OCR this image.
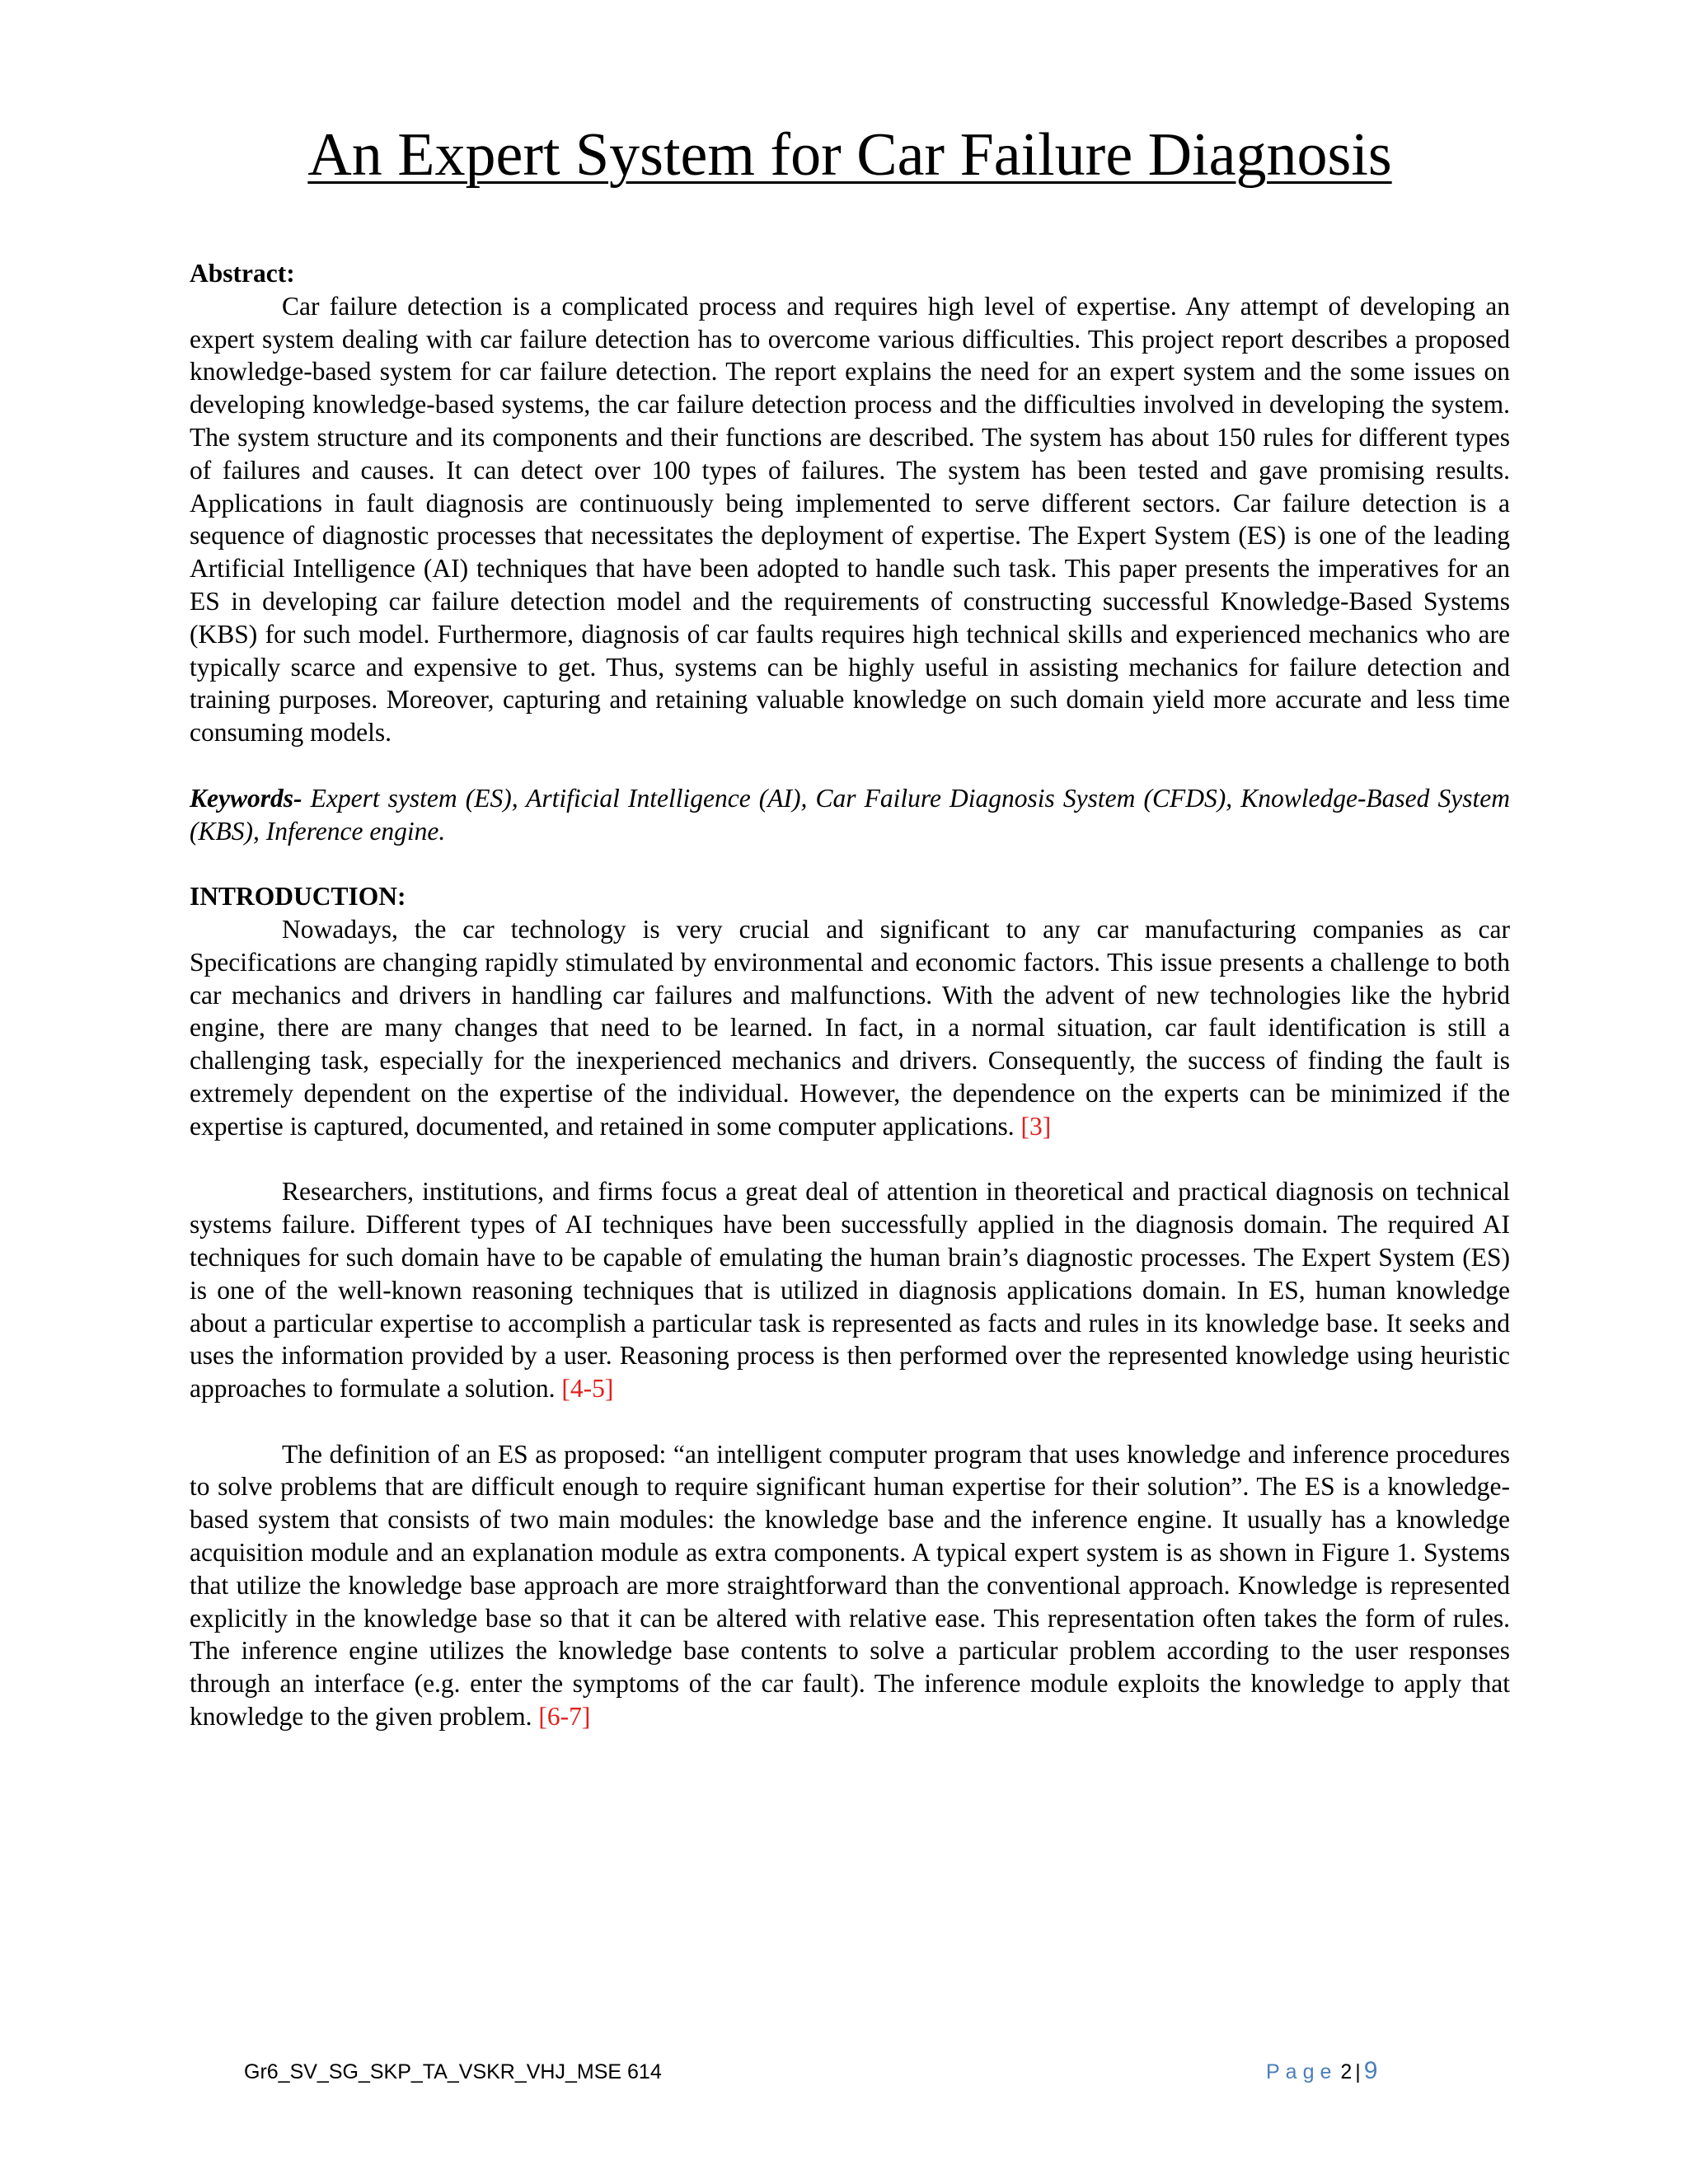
An Expert System for Car Failure Diagnosis

Abstract:

Car failure detection is a complicated process and requires high level of expertise. Any attempt of developing an expert system dealing with car failure detection has to overcome various difficulties. This project report describes a proposed knowledge-based system for car failure detection. The report explains the need for an expert system and the some issues on developing knowledge-based systems, the car failure detection process and the difficulties involved in developing the system. The system structure and its components and their functions are described. The system has about 150 rules for different types of failures and causes. It can detect over 100 types of failures. The system has been tested and gave promising results. Applications in fault diagnosis are continuously being implemented to serve different sectors. Car failure detection is a sequence of diagnostic processes that necessitates the deployment of expertise. The Expert System (ES) is one of the leading Artificial Intelligence (AI) techniques that have been adopted to handle such task. This paper presents the imperatives for an ES in developing car failure detection model and the requirements of constructing successful Knowledge-Based Systems (KBS) for such model. Furthermore, diagnosis of car faults requires high technical skills and experienced mechanics who are typically scarce and expensive to get. Thus, systems can be highly useful in assisting mechanics for failure detection and training purposes. Moreover, capturing and retaining valuable knowledge on such domain yield more accurate and less time consuming models.

Keywords- Expert system (ES), Artificial Intelligence (AI), Car Failure Diagnosis System (CFDS), Knowledge-Based System (KBS), Inference engine.

INTRODUCTION:

Nowadays, the car technology is very crucial and significant to any car manufacturing companies as car Specifications are changing rapidly stimulated by environmental and economic factors. This issue presents a challenge to both car mechanics and drivers in handling car failures and malfunctions. With the advent of new technologies like the hybrid engine, there are many changes that need to be learned. In fact, in a normal situation, car fault identification is still a challenging task, especially for the inexperienced mechanics and drivers. Consequently, the success of finding the fault is extremely dependent on the expertise of the individual. However, the dependence on the experts can be minimized if the expertise is captured, documented, and retained in some computer applications. [3]

Researchers, institutions, and firms focus a great deal of attention in theoretical and practical diagnosis on technical systems failure. Different types of AI techniques have been successfully applied in the diagnosis domain. The required AI techniques for such domain have to be capable of emulating the human brain’s diagnostic processes. The Expert System (ES) is one of the well-known reasoning techniques that is utilized in diagnosis applications domain. In ES, human knowledge about a particular expertise to accomplish a particular task is represented as facts and rules in its knowledge base. It seeks and uses the information provided by a user. Reasoning process is then performed over the represented knowledge using heuristic approaches to formulate a solution. [4-5]

The definition of an ES as proposed: “an intelligent computer program that uses knowledge and inference procedures to solve problems that are difficult enough to require significant human expertise for their solution”. The ES is a knowledge-based system that consists of two main modules: the knowledge base and the inference engine. It usually has a knowledge acquisition module and an explanation module as extra components. A typical expert system is as shown in Figure 1. Systems that utilize the knowledge base approach are more straightforward than the conventional approach. Knowledge is represented explicitly in the knowledge base so that it can be altered with relative ease. This representation often takes the form of rules. The inference engine utilizes the knowledge base contents to solve a particular problem according to the user responses through an interface (e.g. enter the symptoms of the car fault). The inference module exploits the knowledge to apply that knowledge to the given problem. [6-7]

Gr6_SV_SG_SKP_TA_VSKR_VHJ_MSE 614	Page 2 | 9
